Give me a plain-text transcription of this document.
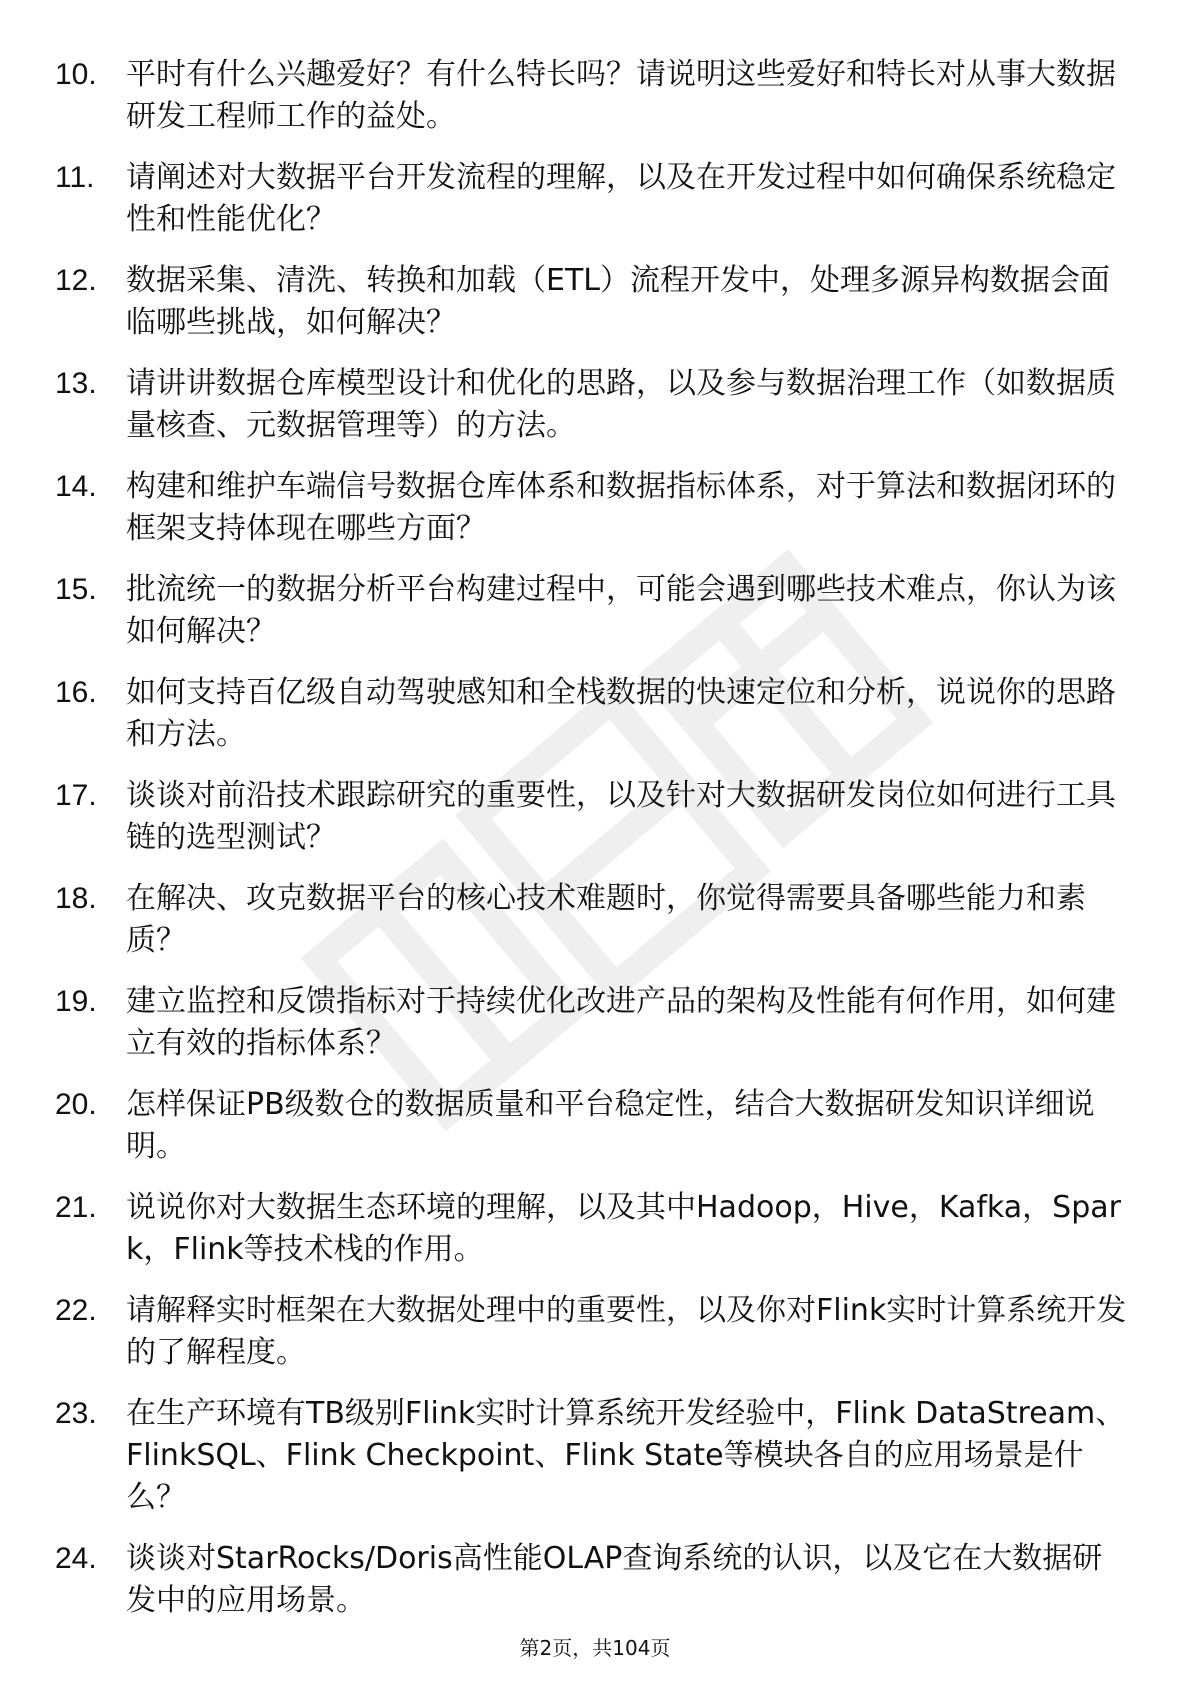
10. 平时有什么兴趣爱好？有什么特长吗？请说明这些爱好和特长对从事大数据研发工程师工作的益处。
11. 请阐述对大数据平台开发流程的理解，以及在开发过程中如何确保系统稳定性和性能优化？
12. 数据采集、清洗、转换和加载（ETL）流程开发中，处理多源异构数据会面临哪些挑战，如何解决？
13. 请讲讲数据仓库模型设计和优化的思路，以及参与数据治理工作（如数据质量核查、元数据管理等）的方法。
14. 构建和维护车端信号数据仓库体系和数据指标体系，对于算法和数据闭环的框架支持体现在哪些方面？
15. 批流统一的数据分析平台构建过程中，可能会遇到哪些技术难点，你认为该如何解决？
16. 如何支持百亿级自动驾驶感知和全栈数据的快速定位和分析，说说你的思路和方法。
17. 谈谈对前沿技术跟踪研究的重要性，以及针对大数据研发岗位如何进行工具链的选型测试？
18. 在解决、攻克数据平台的核心技术难题时，你觉得需要具备哪些能力和素质？
19. 建立监控和反馈指标对于持续优化改进产品的架构及性能有何作用，如何建立有效的指标体系？
20. 怎样保证PB级数仓的数据质量和平台稳定性，结合大数据研发知识详细说明。
21. 说说你对大数据生态环境的理解，以及其中Hadoop，Hive，Kafka，Spark，Flink等技术栈的作用。
22. 请解释实时框架在大数据处理中的重要性，以及你对Flink实时计算系统开发的了解程度。
23. 在生产环境有TB级别Flink实时计算系统开发经验中，Flink DataStream、FlinkSQL、Flink Checkpoint、Flink State等模块各自的应用场景是什么？
24. 谈谈对StarRocks/Doris高性能OLAP查询系统的认识，以及它在大数据研发中的应用场景。
第2页，共104页
